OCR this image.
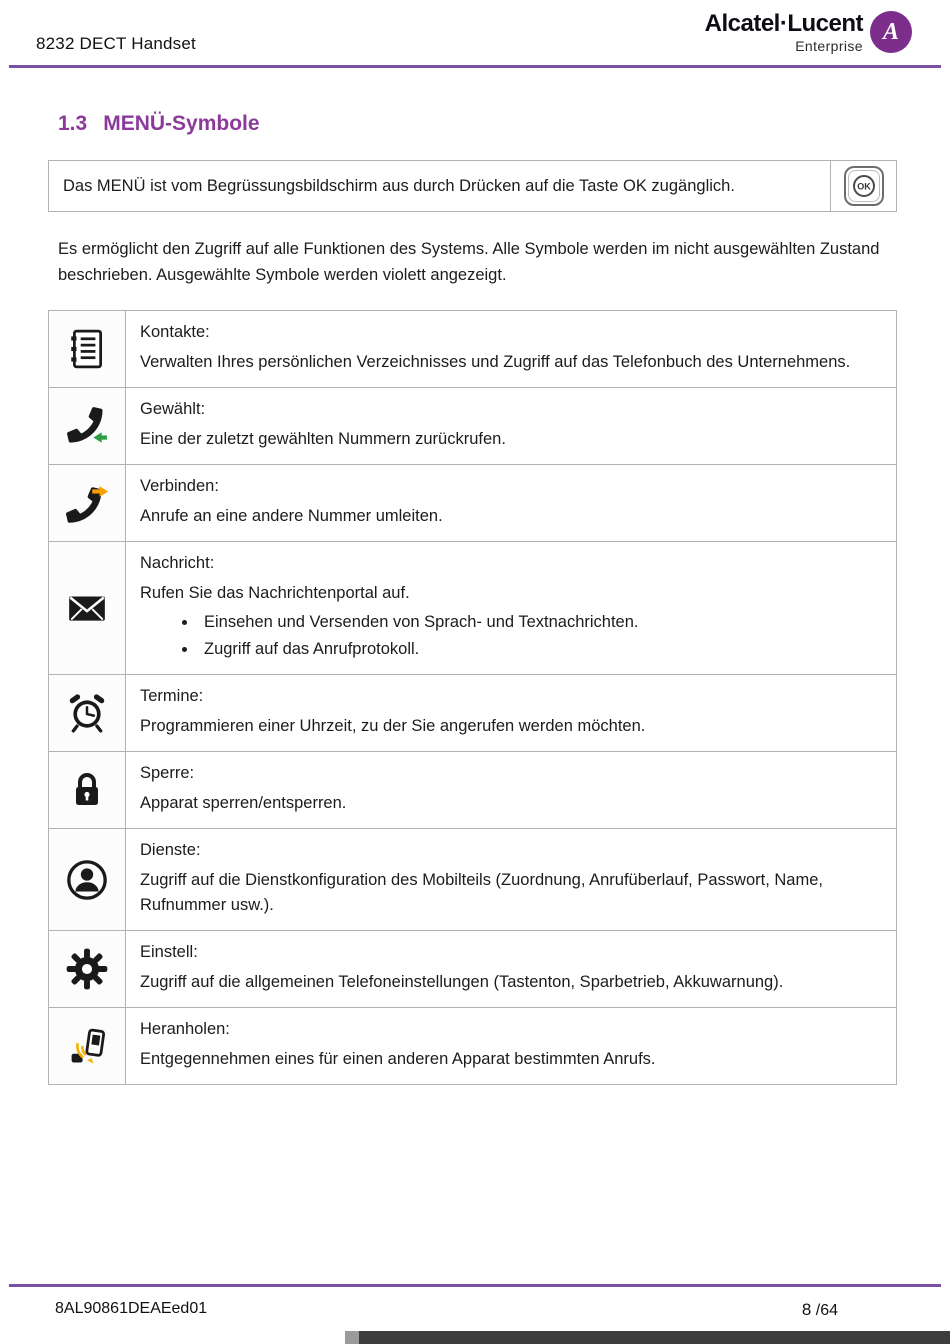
8232 DECT Handset
Alcatel·Lucent
Enterprise
A
1.3 MENÜ-Symbole
Das MENÜ ist vom Begrüssungsbildschirm aus durch Drücken auf die Taste OK zugänglich.	OK

Es ermöglicht den Zugriff auf alle Funktionen des Systems. Alle Symbole werden im nicht ausgewählten Zustand beschrieben. Ausgewählte Symbole werden violett angezeigt.

Kontakte:
Verwalten Ihres persönlichen Verzeichnisses und Zugriff auf das Telefonbuch des Unternehmens.
Gewählt:
Eine der zuletzt gewählten Nummern zurückrufen.
Verbinden:
Anrufe an eine andere Nummer umleiten.
Nachricht:
Rufen Sie das Nachrichtenportal auf.
• Einsehen und Versenden von Sprach- und Textnachrichten.
• Zugriff auf das Anrufprotokoll.
Termine:
Programmieren einer Uhrzeit, zu der Sie angerufen werden möchten.
Sperre:
Apparat sperren/entsperren.
Dienste:
Zugriff auf die Dienstkonfiguration des Mobilteils (Zuordnung, Anrufüberlauf, Passwort, Name, Rufnummer usw.).
Einstell:
Zugriff auf die allgemeinen Telefoneinstellungen (Tastenton, Sparbetrieb, Akkuwarnung).
Heranholen:
Entgegennehmen eines für einen anderen Apparat bestimmten Anrufs.
8AL90861DEAEed01	8 /64
